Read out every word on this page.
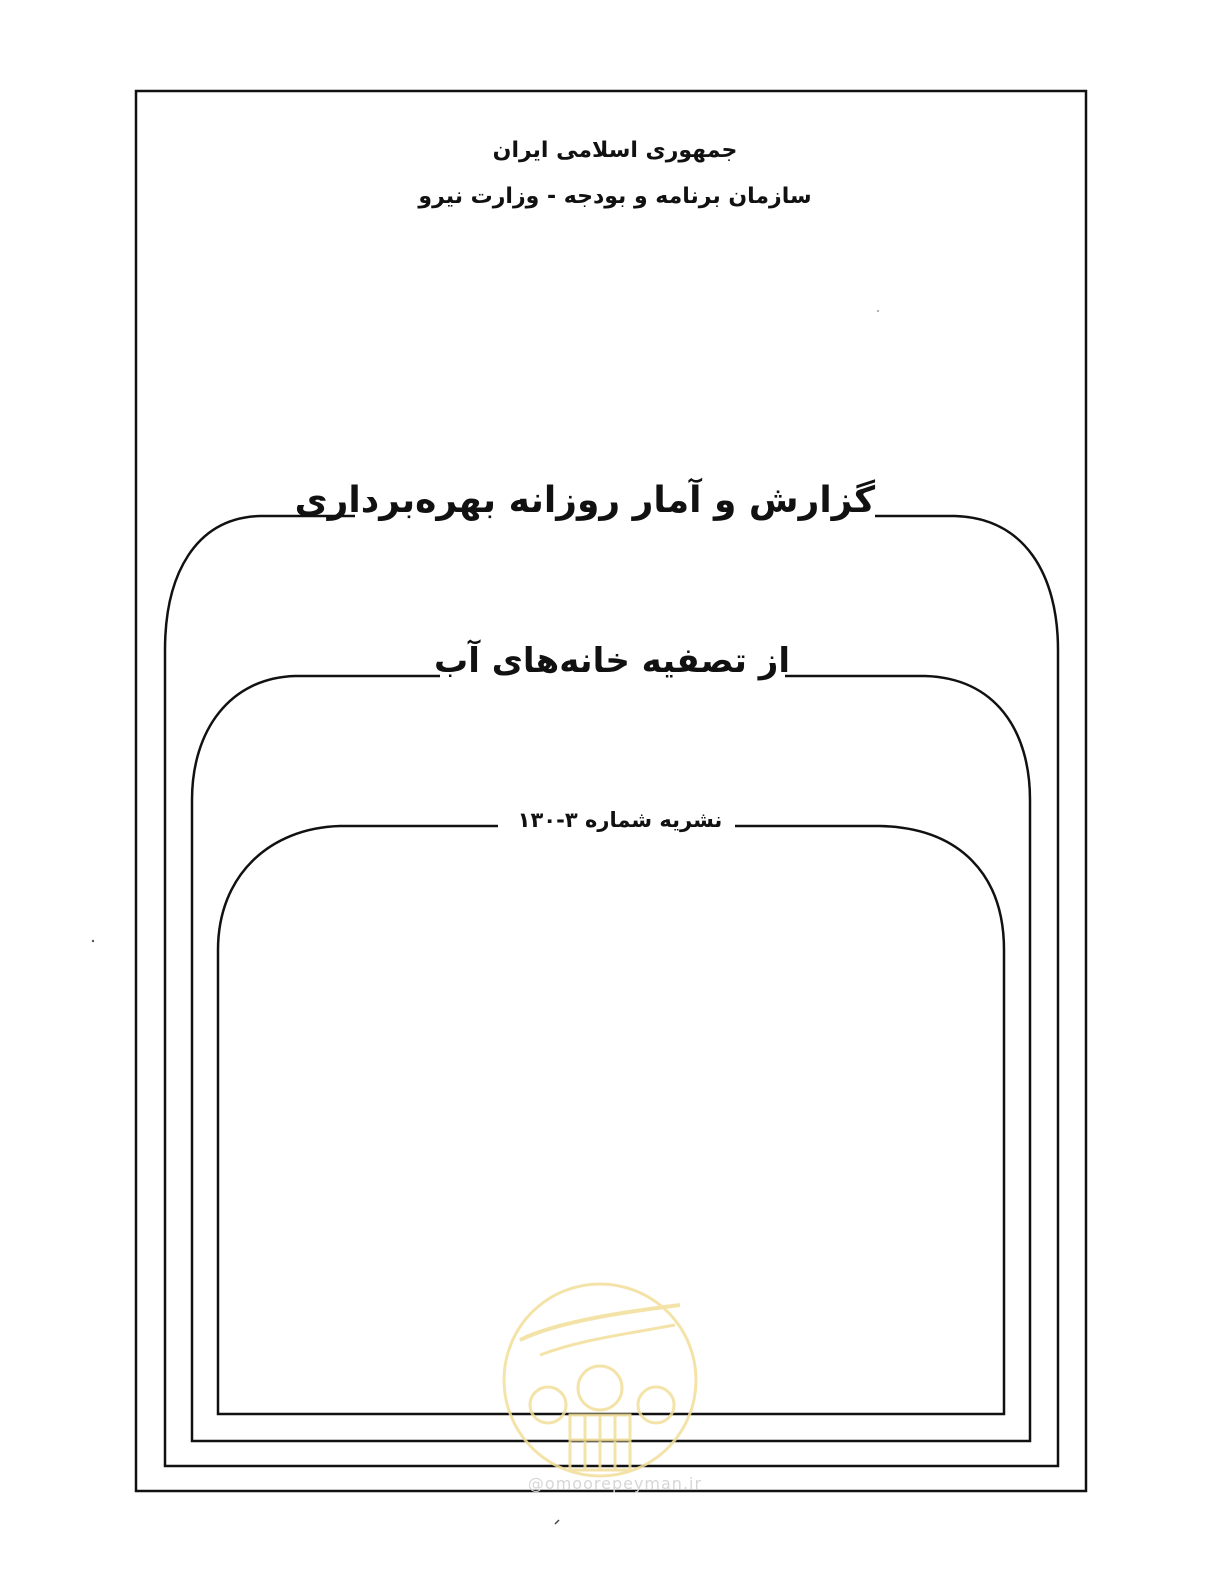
جمهوری اسلامی ایران
سازمان برنامه و بودجه - وزارت نیرو
گزارش و آمار روزانه بهره‌برداری
از تصفیه خانه‌های آب
نشریه شماره ۳-۱۳۰
@omoorepeyman.ir
